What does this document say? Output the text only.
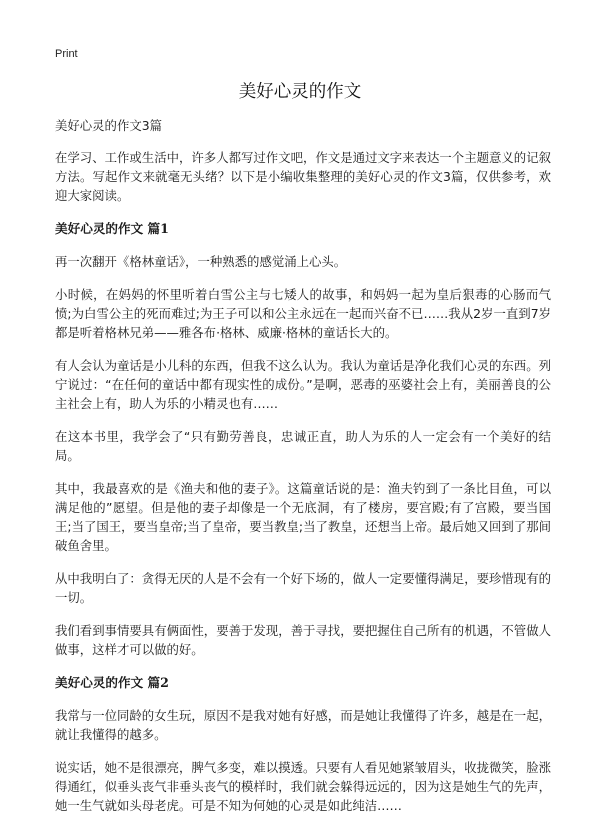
Print
美好心灵的作文

美好心灵的作文3篇

在学习、工作或生活中，许多人都写过作文吧，作文是通过文字来表达一个主题意义的记叙方法。写起作文来就毫无头绪？以下是小编收集整理的美好心灵的作文3篇，仅供参考，欢迎大家阅读。

美好心灵的作文 篇1

再一次翻开《格林童话》，一种熟悉的感觉涌上心头。

小时候，在妈妈的怀里听着白雪公主与七矮人的故事，和妈妈一起为皇后狠毒的心肠而气愤;为白雪公主的死而难过;为王子可以和公主永远在一起而兴奋不已……我从2岁一直到7岁都是听着格林兄弟——雅各布·格林、威廉·格林的童话长大的。

有人会认为童话是小儿科的东西，但我不这么认为。我认为童话是净化我们心灵的东西。列宁说过：“在任何的童话中都有现实性的成份。”是啊，恶毒的巫婆社会上有，美丽善良的公主社会上有，助人为乐的小精灵也有……

在这本书里，我学会了“只有勤劳善良，忠诚正直，助人为乐的人一定会有一个美好的结局。

其中，我最喜欢的是《渔夫和他的妻子》。这篇童话说的是：渔夫钓到了一条比目鱼，可以满足他的”愿望。但是他的妻子却像是一个无底洞，有了楼房，要宫殿;有了宫殿，要当国王;当了国王，要当皇帝;当了皇帝，要当教皇;当了教皇，还想当上帝。最后她又回到了那间破鱼舍里。

从中我明白了：贪得无厌的人是不会有一个好下场的，做人一定要懂得满足，要珍惜现有的一切。

我们看到事情要具有俩面性，要善于发现，善于寻找，要把握住自己所有的机遇，不管做人做事，这样才可以做的好。

美好心灵的作文 篇2

我常与一位同龄的女生玩，原因不是我对她有好感，而是她让我懂得了许多，越是在一起，就让我懂得的越多。

说实话，她不是很漂亮，脾气多变，难以摸透。只要有人看见她紧皱眉头，收拢微笑，脸涨得通红，似垂头丧气非垂头丧气的模样时，我们就会躲得远远的，因为这是她生气的先声，她一生气就如头母老虎。可是不知为何她的心灵是如此纯洁……
